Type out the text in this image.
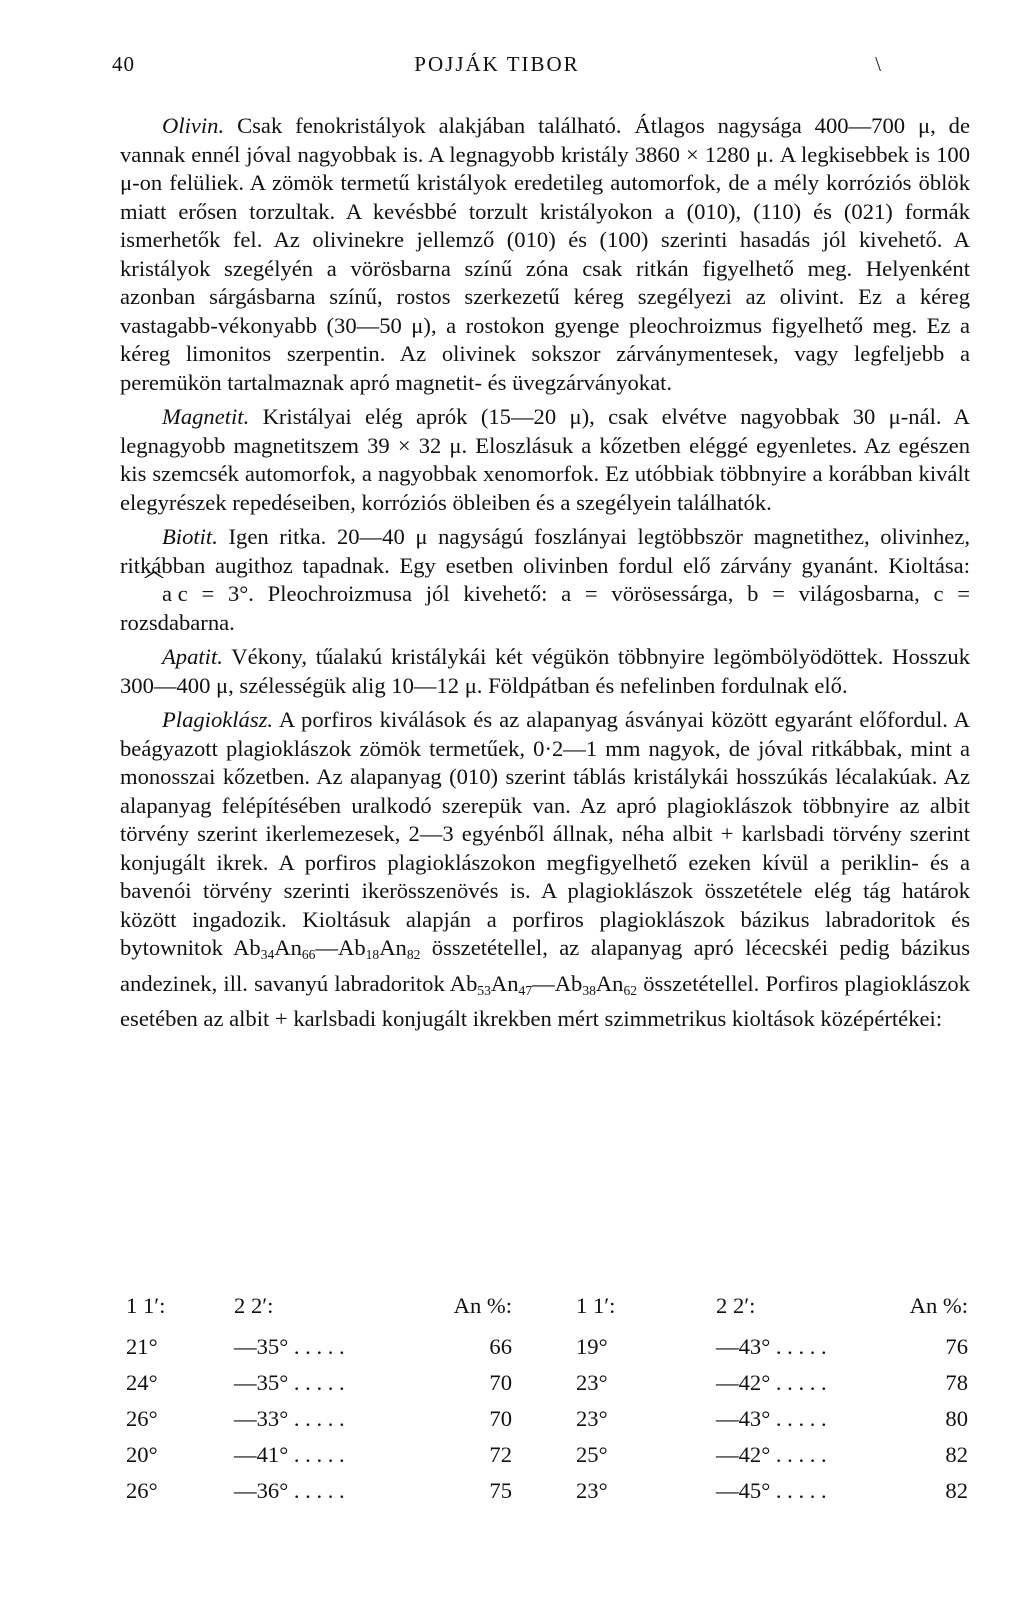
40	POJJÁK TIBOR	\

Olivin. Csak fenokristályok alakjában található. Átlagos nagysága 400—700 μ, de vannak ennél jóval nagyobbak is. A legnagyobb kristály 3860 × 1280 μ. A legkisebbek is 100 μ-on felüliek. A zömök termetű kristályok eredetileg automorfok, de a mély korróziós öblök miatt erősen torzultak. A kevésbbé torzult kristályokon a (010), (110) és (021) formák ismerhetők fel. Az olivinekre jellemző (010) és (100) szerinti hasadás jól kivehető. A kristályok szegélyén a vörösbarna színű zóna csak ritkán figyelhető meg. Helyenként azonban sárgásbarna színű, rostos szerkezetű kéreg szegélyezi az olivint. Ez a kéreg vastagabb-vékonyabb (30—50 μ), a rostokon gyenge pleochroizmus figyelhető meg. Ez a kéreg limonitos szerpentin. Az olivinek sokszor zárványmentesek, vagy legfeljebb a peremükön tartalmaznak apró magnetit- és üvegzárványokat.

Magnetit. Kristályai elég aprók (15—20 μ), csak elvétve nagyobbak 30 μ-nál. A legnagyobb magnetitszem 39 × 32 μ. Eloszlásuk a kőzetben eléggé egyenletes. Az egészen kis szemcsék automorfok, a nagyobbak xenomorfok. Ez utóbbiak többnyire a korábban kivált elegyrészek repedéseiben, korróziós öbleiben és a szegélyein találhatók.

Biotit. Igen ritka. 20—40 μ nagyságú foszlányai legtöbbször magnetithez, olivinhez, ritkábban augithoz tapadnak. Egy esetben olivinben fordul elő zárvány gyanánt. Kioltása: a c = 3°. Pleochroizmusa jól kivehető: a = vörösessárga, b = világosbarna, c = rozsdabarna.

Apatit. Vékony, tűalakú kristálykái két végükön többnyire legömbölyödöttek. Hosszuk 300—400 μ, szélességük alig 10—12 μ. Földpátban és nefelinben fordulnak elő.

Plagioklász. A porfiros kiválások és az alapanyag ásványai között egyaránt előfordul. A beágyazott plagioklászok zömök termetűek, 0·2—1 mm nagyok, de jóval ritkábbak, mint a monosszai kőzetben. Az alapanyag (010) szerint táblás kristálykái hosszúkás lécalakúak. Az alapanyag felépítésében uralkodó szerepük van. Az apró plagioklászok többnyire az albit törvény szerint ikerlemezesek, 2—3 egyénből állnak, néha albit + karlsbadi törvény szerint konjugált ikrek. A porfiros plagioklászokon megfigyelhető ezeken kívül a periklin- és a bavenói törvény szerinti ikerösszenövés is. A plagioklászok összetétele elég tág határok között ingadozik. Kioltásuk alapján a porfiros plagioklászok bázikus labradoritok és bytownitok $Ab_{34}An_{66}—Ab_{18}An_{82}$ összetétellel, az alapanyag apró lécecskéi pedig bázikus andezinek, ill. savanyú labradoritok $Ab_{53}An_{47}—Ab_{38}An_{62}$ összetétellel. Porfiros plagioklászok esetében az albit + karlsbadi konjugált ikrekben mért szimmetrikus kioltások középértékei:

1 1′:	2 2′:	An %:	1 1′:	2 2′:	An %:
21°	—35° . . . . .	66	19°	—43° . . . . .	76
24°	—35° . . . . .	70	23°	—42° . . . . .	78
26°	—33° . . . . .	70	23°	—43° . . . . .	80
20°	—41° . . . . .	72	25°	—42° . . . . .	82
26°	—36° . . . . .	75	23°	—45° . . . . .	82
